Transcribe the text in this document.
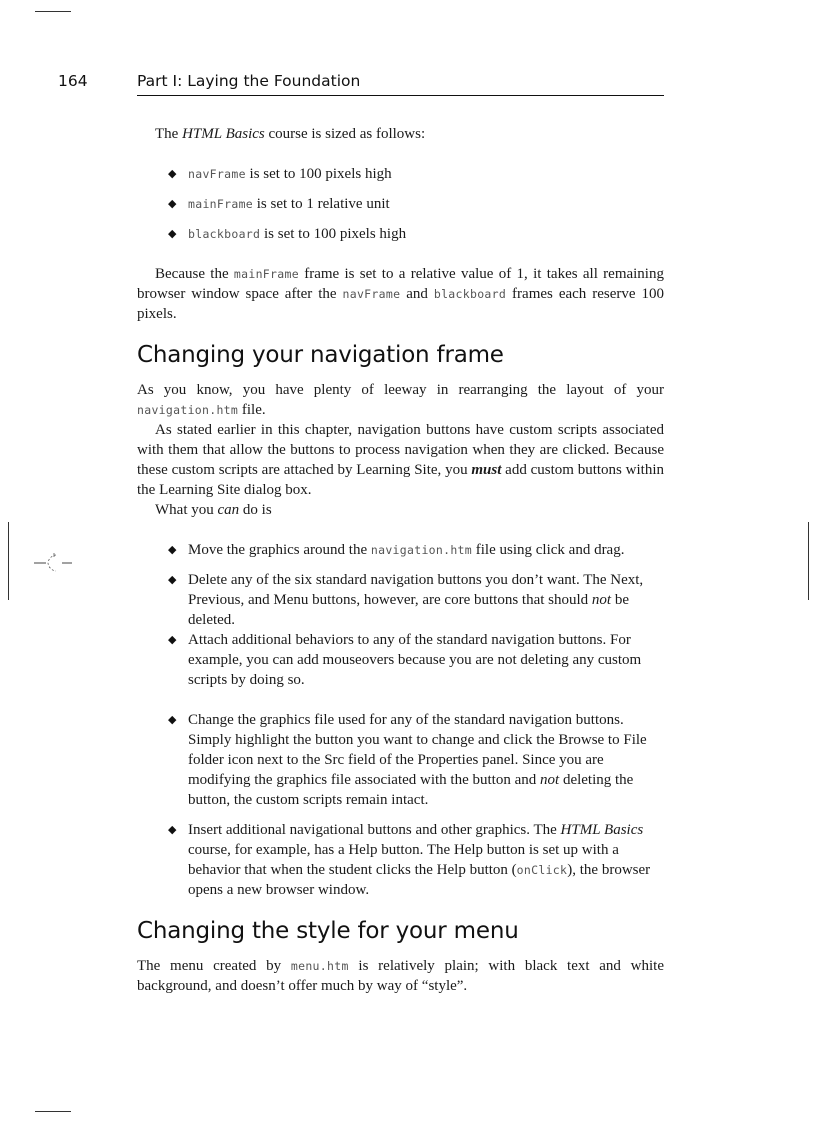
164	Part I: Laying the Foundation

The HTML Basics course is sized as follows:

◆ navFrame is set to 100 pixels high
◆ mainFrame is set to 1 relative unit
◆ blackboard is set to 100 pixels high

Because the mainFrame frame is set to a relative value of 1, it takes all remaining browser window space after the navFrame and blackboard frames each reserve 100 pixels.

Changing your navigation frame

As you know, you have plenty of leeway in rearranging the layout of your navigation.htm file.

As stated earlier in this chapter, navigation buttons have custom scripts associated with them that allow the buttons to process navigation when they are clicked. Because these custom scripts are attached by Learning Site, you must add custom buttons within the Learning Site dialog box.

What you can do is

◆ Move the graphics around the navigation.htm file using click and drag.
◆ Delete any of the six standard navigation buttons you don’t want. The Next, Previous, and Menu buttons, however, are core buttons that should not be deleted.
◆ Attach additional behaviors to any of the standard navigation buttons. For example, you can add mouseovers because you are not deleting any custom scripts by doing so.
◆ Change the graphics file used for any of the standard navigation buttons. Simply highlight the button you want to change and click the Browse to File folder icon next to the Src field of the Properties panel. Since you are modifying the graphics file associated with the button and not deleting the button, the custom scripts remain intact.
◆ Insert additional navigational buttons and other graphics. The HTML Basics course, for example, has a Help button. The Help button is set up with a behavior that when the student clicks the Help button (onClick), the browser opens a new browser window.
Changing the style for your menu

The menu created by menu.htm is relatively plain; with black text and white background, and doesn’t offer much by way of “style”.
